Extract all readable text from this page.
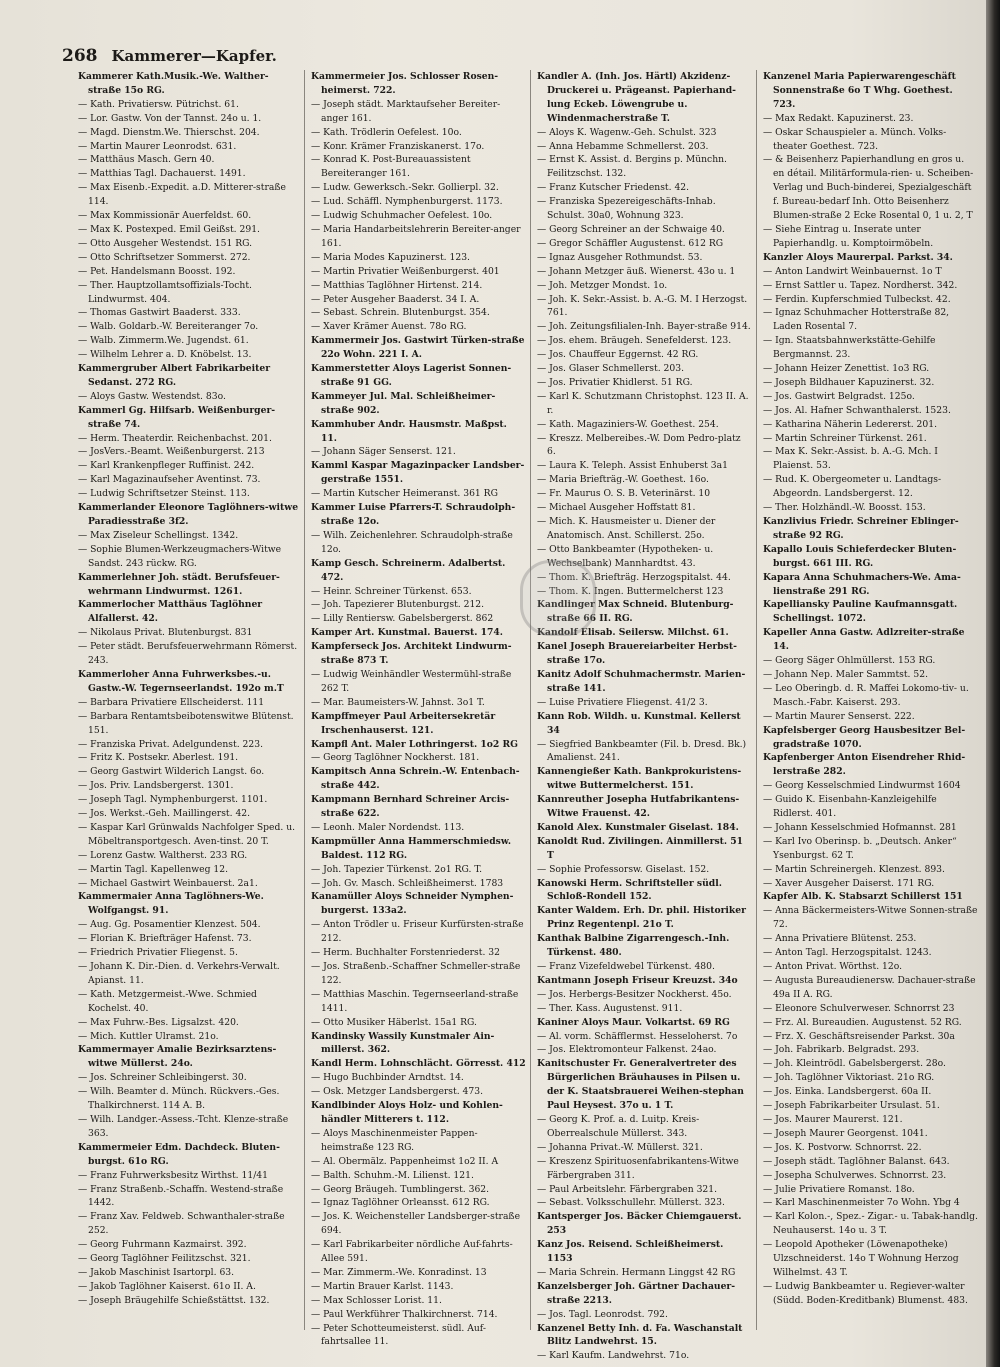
268 Kammerer—Kapfer.
Kammerer Kath.Musik.-We. Walther-straße 15o RG.
— Kath. Privatiersw. Pütrichst. 61.
— Lor. Gastw. Von der Tannst. 24o u. 1.
— Magd. Dienstm.We. Thierschst. 204.
— Martin Maurer Leonrodst. 631.
— Matthäus Masch. Gern 40.
— Matthias Tagl. Dachauerst. 1491.
— Max Eisenb.-Expedit. a.D. Mitterer-straße 114.
— Max Kommissionär Auerfeldst. 60.
— Max K. Postexped. Emil Geißst. 291.
— Otto Ausgeher Westendst. 151 RG.
— Otto Schriftsetzer Sommerst. 272.
— Pet. Handelsmann Boosst. 192.
— Ther. Hauptzollamtsoffizials-Tocht. Lindwurmst. 404.
— Thomas Gastwirt Baaderst. 333.
— Walb. Goldarb.-W. Bereiteranger 7o.
— Walb. Zimmerm.We. Jugendst. 61.
— Wilhelm Lehrer a. D. Knöbelst. 13.
Kammergruber Albert Fabrikarbeiter Sedanst. 272 RG.
— Aloys Gastw. Westendst. 83o.
Kammerl Gg. Hilfsarb. Weißenburger-straße 74.
— Herm. Theaterdir. Reichenbachst. 201.
— JosVers.-Beamt. Weißenburgerst. 213
— Karl Krankenpfleger Ruffinist. 242.
— Karl Magazinaufseher Aventinst. 73.
— Ludwig Schriftsetzer Steinst. 113.
Kammerlander Eleonore Taglöhners-witwe Paradiesstraße 3f2.
— Max Ziseleur Schellingst. 1342.
— Sophie Blumen-Werkzeugmachers-Witwe Sandst. 243 rückw. RG.
Kammerlehner Joh. städt. Berufsfeuer-wehrmann Lindwurmst. 1261.
Kammerlocher Matthäus Taglöhner Alfallerst. 42.
— Nikolaus Privat. Blutenburgst. 831
— Peter städt. Berufsfeuerwehrmann Römerst. 243.
Kammerloher Anna Fuhrwerksbes.-u. Gastw.-W. Tegernseerlandst. 192o m.T
— Barbara Privatiere Ellscheiderst. 111
— Barbara Rentamtsbeibotenswitwe Blütenst. 151.
— Franziska Privat. Adelgundenst. 223.
— Fritz K. Postsekr. Aberlest. 191.
— Georg Gastwirt Wilderich Langst. 6o.
— Jos. Priv. Landsbergerst. 1301.
— Joseph Tagl. Nymphenburgerst. 1101.
— Jos. Werkst.-Geh. Maillingerst. 42.
— Kaspar Karl Grünwalds Nachfolger Sped. u. Möbeltransportgesch. Aven-tinst. 20 T.
— Lorenz Gastw. Waltherst. 233 RG.
— Martin Tagl. Kapellenweg 12.
— Michael Gastwirt Weinbauerst. 2a1.
Kammermaier Anna Taglöhners-We. Wolfgangst. 91.
— Aug. Gg. Posamentier Klenzest. 504.
— Florian K. Briefträger Hafenst. 73.
— Friedrich Privatier Fliegenst. 5.
— Johann K. Dir.-Dien. d. Verkehrs-Verwalt. Apianst. 11.
— Kath. Metzgermeist.-Wwe. Schmied Kochelst. 40.
— Max Fuhrw.-Bes. Ligsalzst. 420.
— Mich. Kuttler Ulramst. 21o.
Kammermayer Amalie Bezirksarztens-witwe Müllerst. 24o.
— Jos. Schreiner Schleibingerst. 30.
— Wilh. Beamter d. Münch. Rückvers.-Ges. Thalkirchnerst. 114 A. B.
— Wilh. Landger.-Assess.-Tcht. Klenze-straße 363.
Kammermeier Edm. Dachdeck. Bluten-burgst. 61o RG.
— Franz Fuhrwerksbesitz Wirthst. 11/41
— Franz Straßenb.-Schaffn. Westend-straße 1442.
— Franz Xav. Feldweb. Schwanthaler-straße 252.
— Georg Fuhrmann Kazmairst. 392.
— Georg Taglöhner Feilitzschst. 321.
— Jakob Maschinist Isartorpl. 63.
— Jakob Taglöhner Kaiserst. 61o II. A.
— Joseph Bräugehilfe Schießstättst. 132.
Kammermeier Jos. Schlosser Rosen-heimerst. 722.
— Joseph städt. Marktaufseher Bereiter-anger 161.
— Kath. Trödlerin Oefelest. 10o.
— Konr. Krämer Franziskanerst. 17o.
— Konrad K. Post-Bureauassistent Bereiteranger 161.
— Ludw. Gewerksch.-Sekr. Gollierpl. 32.
— Lud. Schäffl. Nymphenburgerst. 1173.
— Ludwig Schuhmacher Oefelest. 10o.
— Maria Handarbeitslehrerin Bereiter-anger 161.
— Maria Modes Kapuzinerst. 123.
— Martin Privatier Weißenburgerst. 401
— Matthias Taglöhner Hirtenst. 214.
— Peter Ausgeher Baaderst. 34 I. A.
— Sebast. Schrein. Blutenburgst. 354.
— Xaver Krämer Auenst. 78o RG.
Kammermeir Jos. Gastwirt Türken-straße 22o Wohn. 221 I. A.
Kammerstetter Aloys Lagerist Sonnen-straße 91 GG.
Kammeyer Jul. Mal. Schleißheimer-straße 902.
Kammhuber Andr. Hausmstr. Maßpst. 11.
— Johann Säger Senserst. 121.
Kamml Kaspar Magazinpacker Landsber-gerstraße 1551.
— Martin Kutscher Heimeranst. 361 RG
Kammer Luise Pfarrers-T. Schraudolph-straße 12o.
— Wilh. Zeichenlehrer. Schraudolph-straße 12o.
Kamp Gesch. Schreinerm. Adalbertst. 472.
— Heinr. Schreiner Türkenst. 653.
— Joh. Tapezierer Blutenburgst. 212.
— Lilly Rentiersw. Gabelsbergerst. 862
Kamper Art. Kunstmal. Bauerst. 174.
Kampferseck Jos. Architekt Lindwurm-straße 873 T.
— Ludwig Weinhändler Westermühl-straße 262 T.
— Mar. Baumeisters-W. Jahnst. 3o1 T.
Kampffmeyer Paul Arbeitersekretär Irschenhauserst. 121.
Kampfl Ant. Maler Lothringerst. 1o2 RG
— Georg Taglöhner Nockherst. 181.
Kampitsch Anna Schrein.-W. Entenbach-straße 442.
Kampmann Bernhard Schreiner Arcis-straße 622.
— Leonh. Maler Nordendst. 113.
Kampmüller Anna Hammerschmiedsw. Baldest. 112 RG.
— Joh. Tapezier Türkenst. 2o1 RG. T.
— Joh. Gv. Masch. Schleißheimerst. 1783
Kanamüller Aloys Schneider Nymphen-burgerst. 133a2.
— Anton Trödler u. Friseur Kurfürsten-straße 212.
— Herm. Buchhalter Forstenriederst. 32
— Jos. Straßenb.-Schaffner Schmeller-straße 122.
— Matthias Maschin. Tegernseerland-straße 1411.
— Otto Musiker Häberlst. 15a1 RG.
Kandinsky Wassily Kunstmaler Ain-millerst. 362.
Kandl Herm. Lohnschlächt. Görresst. 412
— Hugo Buchbinder Arndtst. 14.
— Osk. Metzger Landsbergerst. 473.
Kandlbinder Aloys Holz- und Kohlen-händler Mitterers t. 112.
— Aloys Maschinenmeister Pappen-heimstraße 123 RG.
— Al. Obermälz. Pappenheimst 1o2 II. A
— Balth. Schuhm.-M. Lilienst. 121.
— Georg Bräugeh. Tumblingerst. 362.
— Ignaz Taglöhner Orleansst. 612 RG.
— Jos. K. Weichensteller Landsberger-straße 694.
— Karl Fabrikarbeiter nördliche Auf-fahrts-Allee 591.
— Mar. Zimmerm.-We. Konradinst. 13
— Martin Brauer Karlst. 1143.
— Max Schlosser Lorist. 11.
— Paul Werkführer Thalkirchnerst. 714.
— Peter Schotteumeisterst. südl. Auf-fahrtsallee 11.
Kandler A. (Inh. Jos. Härtl) Akzidenz-Druckerei u. Prägeanst. Papierhand-lung Eckeb. Löwengrube u. Windenmacherstraße T.
— Aloys K. Wagenw.-Geh. Schulst. 323
— Anna Hebamme Schmellerst. 203.
— Ernst K. Assist. d. Bergins p. Münchn. Feilitzschst. 132.
— Franz Kutscher Friedenst. 42.
— Franziska Spezereigeschäfts-Inhab. Schulst. 30a0, Wohnung 323.
— Georg Schreiner an der Schwaige 40.
— Gregor Schäffler Augustenst. 612 RG
— Ignaz Ausgeher Rothmundst. 53.
— Johann Metzger äuß. Wienerst. 43o u. 1
— Joh. Metzger Mondst. 1o.
— Joh. K. Sekr.-Assist. b. A.-G. M. I Herzogst. 761.
— Joh. Zeitungsfilialen-Inh. Bayer-straße 914.
— Jos. ehem. Bräugeh. Senefelderst. 123.
— Jos. Chauffeur Eggernst. 42 RG.
— Jos. Glaser Schmellerst. 203.
— Jos. Privatier Khidlerst. 51 RG.
— Karl K. Schutzmann Christophst. 123 II. A. r.
— Kath. Magaziniers-W. Goethest. 254.
— Kreszz. Melbereibes.-W. Dom Pedro-platz 6.
— Laura K. Teleph. Assist Enhuberst 3a1
— Maria Briefträg.-W. Goethest. 16o.
— Fr. Maurus O. S. B. Veterinärst. 10
— Michael Ausgeher Hoffstatt 81.
— Mich. K. Hausmeister u. Diener der Anatomisch. Anst. Schillerst. 25o.
— Otto Bankbeamter (Hypotheken- u. Wechselbank) Mannhardtst. 43.
— Thom. K. Briefträg. Herzogspitalst. 44.
— Thom. K. Ingen. Buttermelcherst 123
Kandlinger Max Schneid. Blutenburg-straße 66 II. RG.
Kandolf Elisab. Seilersw. Milchst. 61.
Kanel Joseph Brauereiarbeiter Herbst-straße 17o.
Kanitz Adolf Schuhmachermstr. Marien-straße 141.
— Luise Privatiere Fliegenst. 41/2 3.
Kann Rob. Wildh. u. Kunstmal. Kellerst 34
— Siegfried Bankbeamter (Fil. b. Dresd. Bk.) Amalienst. 241.
Kannengießer Kath. Bankprokuristens-witwe Buttermelcherst. 151.
Kannreuther Josepha Hutfabrikantens-Witwe Frauenst. 42.
Kanold Alex. Kunstmaler Giselast. 184.
Kanoldt Rud. Zivilingen. Ainmillerst. 51 T
— Sophie Professorsw. Giselast. 152.
Kanowski Herm. Schriftsteller südl. Schloß-Rondell 152.
Kanter Waldem. Erh. Dr. phil. Historiker Prinz Regentenpl. 21o T.
Kanthak Balbine Zigarrengesch.-Inh. Türkenst. 480.
— Franz Vizefeldwebel Türkenst. 480.
Kantmann Joseph Friseur Kreuzst. 34o
— Jos. Herbergs-Besitzer Nockherst. 45o.
— Ther. Kass. Augustenst. 911.
Kaniner Aloys Maur. Volkartst. 69 RG
— Al. vorm. Schäfflermst. Hesseloherst. 7o
— Jos. Elektromonteur Falkenst. 24ao.
Kanitschuster Fr. Generalvertreter des Bürgerlichen Bräuhauses in Pilsen u. der K. Staatsbrauerei Weihen-stephan Paul Heysest. 37o u. 1 T.
— Georg K. Prof. a. d. Luitp. Kreis-Oberrealschule Müllerst. 343.
— Johanna Privat.-W. Müllerst. 321.
— Kreszenz Spirituosenfabrikantens-Witwe Färbergraben 311.
— Paul Arbeitslehr. Färbergraben 321.
— Sebast. Volksschullehr. Müllerst. 323.
Kantsperger Jos. Bäcker Chiemgauerst. 253
Kanz Jos. Reisend. Schleißheimerst. 1153
— Maria Schrein. Hermann Linggst 42 RG
Kanzelsberger Joh. Gärtner Dachauer-straße 2213.
— Jos. Tagl. Leonrodst. 792.
Kanzenel Betty Inh. d. Fa. Waschanstalt Blitz Landwehrst. 15.
— Karl Kaufm. Landwehrst. 71o.
Kanzenel Maria Papierwarengeschäft Sonnenstraße 6o T Whg. Goethest. 723.
— Max Redakt. Kapuzinerst. 23.
— Oskar Schauspieler a. Münch. Volks-theater Goethest. 723.
— & Beisenherz Papierhandlung en gros u. en détail. Militärformula-rien- u. Scheiben-Verlag und Buch-binderei, Spezialgeschäft f. Bureau-bedarf Inh. Otto Beisenherz Blumen-straße 2 Ecke Rosental 0, 1 u. 2, T
— Siehe Eintrag u. Inserate unter Papierhandlg. u. Komptoirmöbeln.
Kanzler Aloys Maurerpal. Parkst. 34.
— Anton Landwirt Weinbauernst. 1o T
— Ernst Sattler u. Tapez. Nordherst. 342.
— Ferdin. Kupferschmied Tulbeckst. 42.
— Ignaz Schuhmacher Hotterstraße 82, Laden Rosental 7.
— Ign. Staatsbahnwerkstätte-Gehilfe Bergmannst. 23.
— Johann Heizer Zenettist. 1o3 RG.
— Joseph Bildhauer Kapuzinerst. 32.
— Jos. Gastwirt Belgradst. 125o.
— Jos. Al. Hafner Schwanthalerst. 1523.
— Katharina Näherin Ledererst. 201.
— Martin Schreiner Türkenst. 261.
— Max K. Sekr.-Assist. b. A.-G. Mch. I Plaienst. 53.
— Rud. K. Obergeometer u. Landtags-Abgeordn. Landsbergerst. 12.
— Ther. Holzhändl.-W. Boosst. 153.
Kanzlivius Friedr. Schreiner Eblinger-straße 92 RG.
Kapallo Louis Schieferdecker Bluten-burgst. 661 III. RG.
Kapara Anna Schuhmachers-We. Ama-lienstraße 291 RG.
Kapelliansky Pauline Kaufmannsgatt. Schellingst. 1072.
Kapeller Anna Gastw. Adlzreiter-straße 14.
— Georg Säger Ohlmüllerst. 153 RG.
— Johann Nep. Maler Sammtst. 52.
— Leo Oberingb. d. R. Maffei Lokomo-tiv- u. Masch.-Fabr. Kaiserst. 293.
— Martin Maurer Senserst. 222.
Kapfelsberger Georg Hausbesitzer Bel-gradstraße 1070.
Kapfenberger Anton Eisendreher Rhid-lerstraße 282.
— Georg Kesselschmied Lindwurmst 1604
— Guido K. Eisenbahn-Kanzleigehilfe Ridlerst. 401.
— Johann Kesselschmied Hofmannst. 281
— Karl Ivo Oberinsp. b. „Deutsch. Anker“ Ysenburgst. 62 T.
— Martin Schreinergeh. Klenzest. 893.
— Xaver Ausgeher Daiserst. 171 RG.
Kapfer Alb. K. Stabsarzt Schillerst 151
— Anna Bäckermeisters-Witwe Sonnen-straße 72.
— Anna Privatiere Blütenst. 253.
— Anton Tagl. Herzogspitalst. 1243.
— Anton Privat. Wörthst. 12o.
— Augusta Bureaudienersw. Dachauer-straße 49a II A. RG.
— Eleonore Schulverweser. Schnorrst 23
— Frz. Al. Bureaudien. Augustenst. 52 RG.
— Frz. X. Geschäftsreisender Parkst. 30a
— Joh. Fabrikarb. Belgradst. 293.
— Joh. Kleintrödl. Gabelsbergerst. 28o.
— Joh. Taglöhner Viktoriast. 21o RG.
— Jos. Einka. Landsbergerst. 60a II.
— Joseph Fabrikarbeiter Ursulast. 51.
— Jos. Maurer Maurerst. 121.
— Joseph Maurer Georgenst. 1041.
— Jos. K. Postvorw. Schnorrst. 22.
— Joseph städt. Taglöhner Balanst. 643.
— Josepha Schulverwes. Schnorrst. 23.
— Julie Privatiere Romanst. 18o.
— Karl Maschinenmeister 7o Wohn. Ybg 4
— Karl Kolon.-, Spez.- Zigar.- u. Tabak-handlg. Neuhauserst. 14o u. 3 T.
— Leopold Apotheker (Löwenapotheke) Ulzschneiderst. 14o T Wohnung Herzog Wilhelmst. 43 T.
— Ludwig Bankbeamter u. Regiever-walter (Südd. Boden-Kreditbank) Blumenst. 483.
